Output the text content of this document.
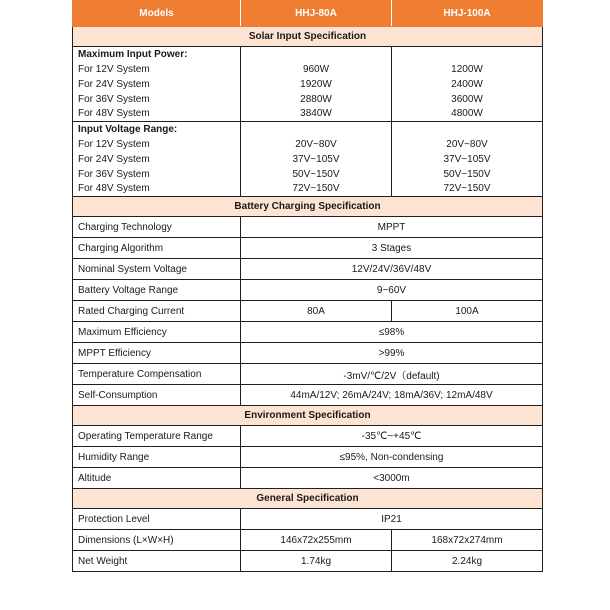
Models	HHJ-80A	HHJ-100A
Solar Input Specification		
Maximum Input Power:		
For 12V System	960W	1200W
For 24V System	1920W	2400W
For 36V System	2880W	3600W
For 48V System	3840W	4800W
Input Voltage Range:		
For 12V System	20V~80V	20V~80V
For 24V System	37V~105V	37V~105V
For 36V System	50V~150V	50V~150V
For 48V System	72V~150V	72V~150V
Battery Charging Specification		
Charging Technology	MPPT	
Charging Algorithm	3 Stages	
Nominal System Voltage	12V/24V/36V/48V	
Battery Voltage Range	9~60V	
Rated Charging Current	80A	100A
Maximum Efficiency	≤98%	
MPPT Efficiency	>99%	
Temperature Compensation	-3mV/℃/2V（default)	
Self-Consumption	44mA/12V; 26mA/24V; 18mA/36V; 12mA/48V	
Environment Specification		
Operating Temperature Range	-35℃~+45℃	
Humidity Range	≤95%, Non-condensing	
Altitude	<3000m	
General Specification		
Protection Level	IP21	
Dimensions (L×W×H)	146x72x255mm	168x72x274mm
Net Weight	1.74kg	2.24kg
